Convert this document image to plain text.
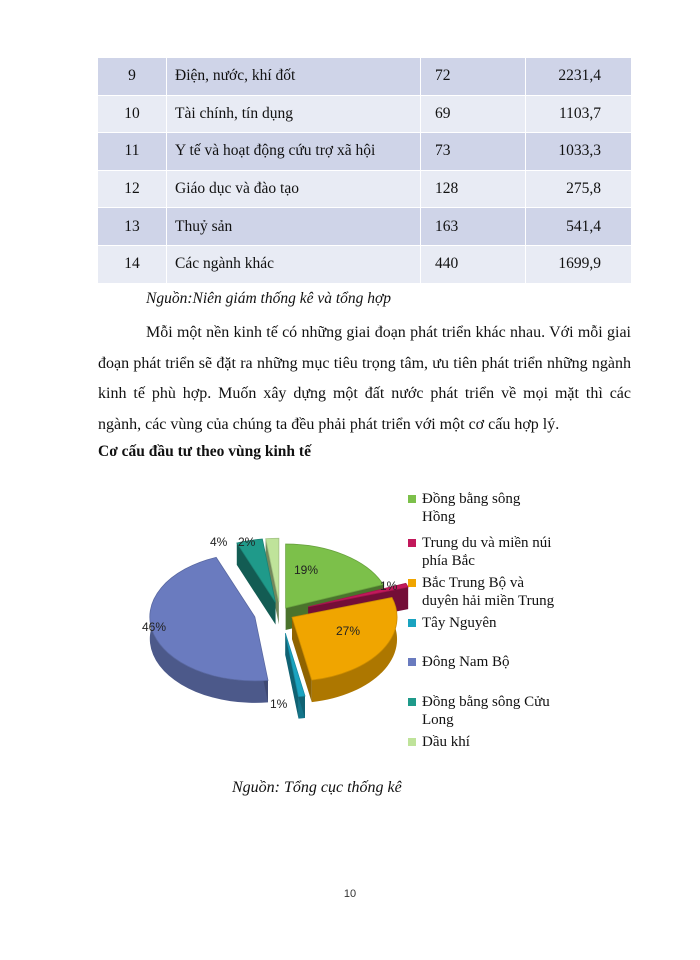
9	Điện, nước, khí đốt	72	2231,4
10	Tài chính, tín dụng	69	1103,7
11	Y tế và hoạt động cứu trợ xã hội	73	1033,3
12	Giáo dục và đào tạo	128	275,8
13	Thuỷ sản	163	541,4
14	Các ngành khác	440	1699,9
Nguồn:Niên giám thống kê và tổng hợp

Mỗi một nền kinh tế có những giai đoạn phát triển khác nhau. Với mỗi giai đoạn phát triển sẽ đặt ra những mục tiêu trọng tâm, ưu tiên phát triển những ngành kinh tế phù hợp. Muốn xây dựng một đất nước phát triển về mọi mặt thì các ngành, các vùng của chúng ta đều phải phát triển với một cơ cấu hợp lý.

Cơ cấu đầu tư theo vùng kinh tế

19%
1%
27%
1%
46%
4% 2%
Đồng bằng sông
Hồng
Trung du và miền núi
phía Bắc
Bắc Trung Bộ và
duyên hải miền Trung
Tây Nguyên
Đông Nam Bộ
Đồng bằng sông Cửu
Long
Dầu khí
Nguồn: Tổng cục thống kê
10
